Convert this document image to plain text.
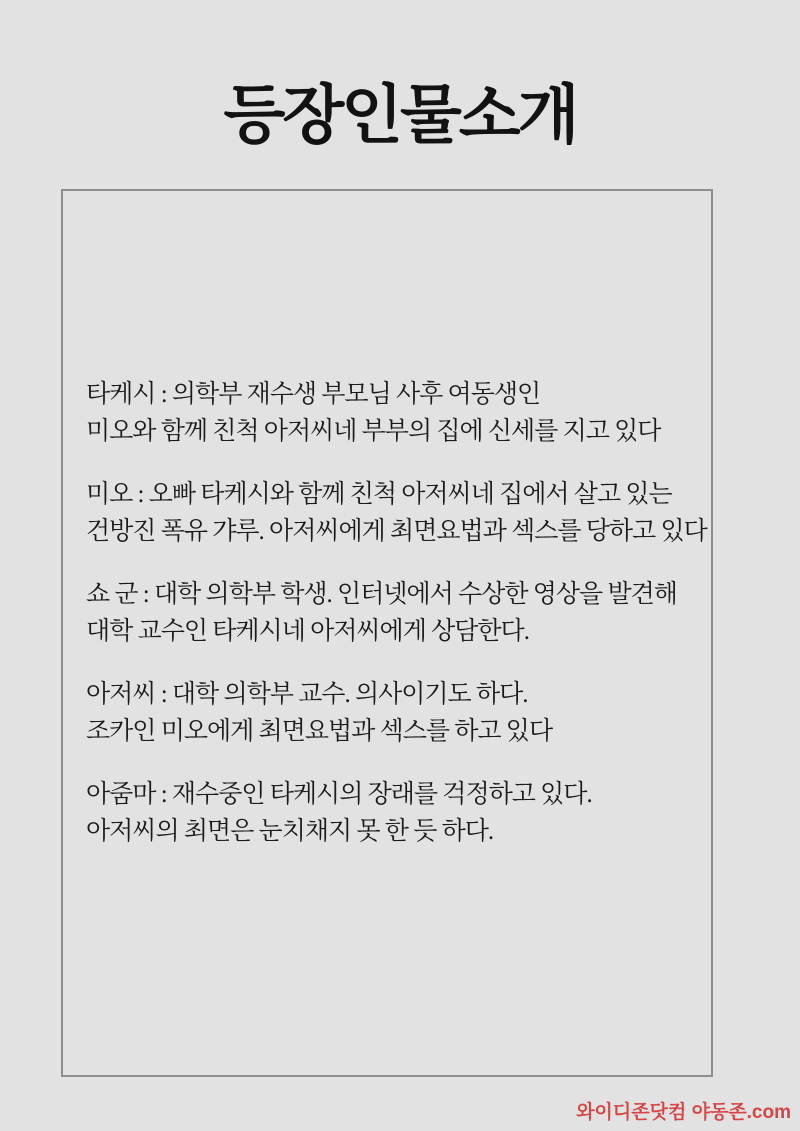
등장인물소개
타케시 : 의학부 재수생 부모님 사후 여동생인
미오와 함께 친척 아저씨네 부부의 집에 신세를 지고 있다
미오 : 오빠 타케시와 함께 친척 아저씨네 집에서 살고 있는
건방진 폭유 갸루. 아저씨에게 최면요법과 섹스를 당하고 있다
쇼 군 : 대학 의학부 학생. 인터넷에서 수상한 영상을 발견해
대학 교수인 타케시네 아저씨에게 상담한다.
아저씨 : 대학 의학부 교수. 의사이기도 하다.
조카인 미오에게 최면요법과 섹스를 하고 있다
아줌마 : 재수중인 타케시의 장래를 걱정하고 있다.
아저씨의 최면은 눈치채지 못 한 듯 하다.
와이디존닷컴 야동존.com
